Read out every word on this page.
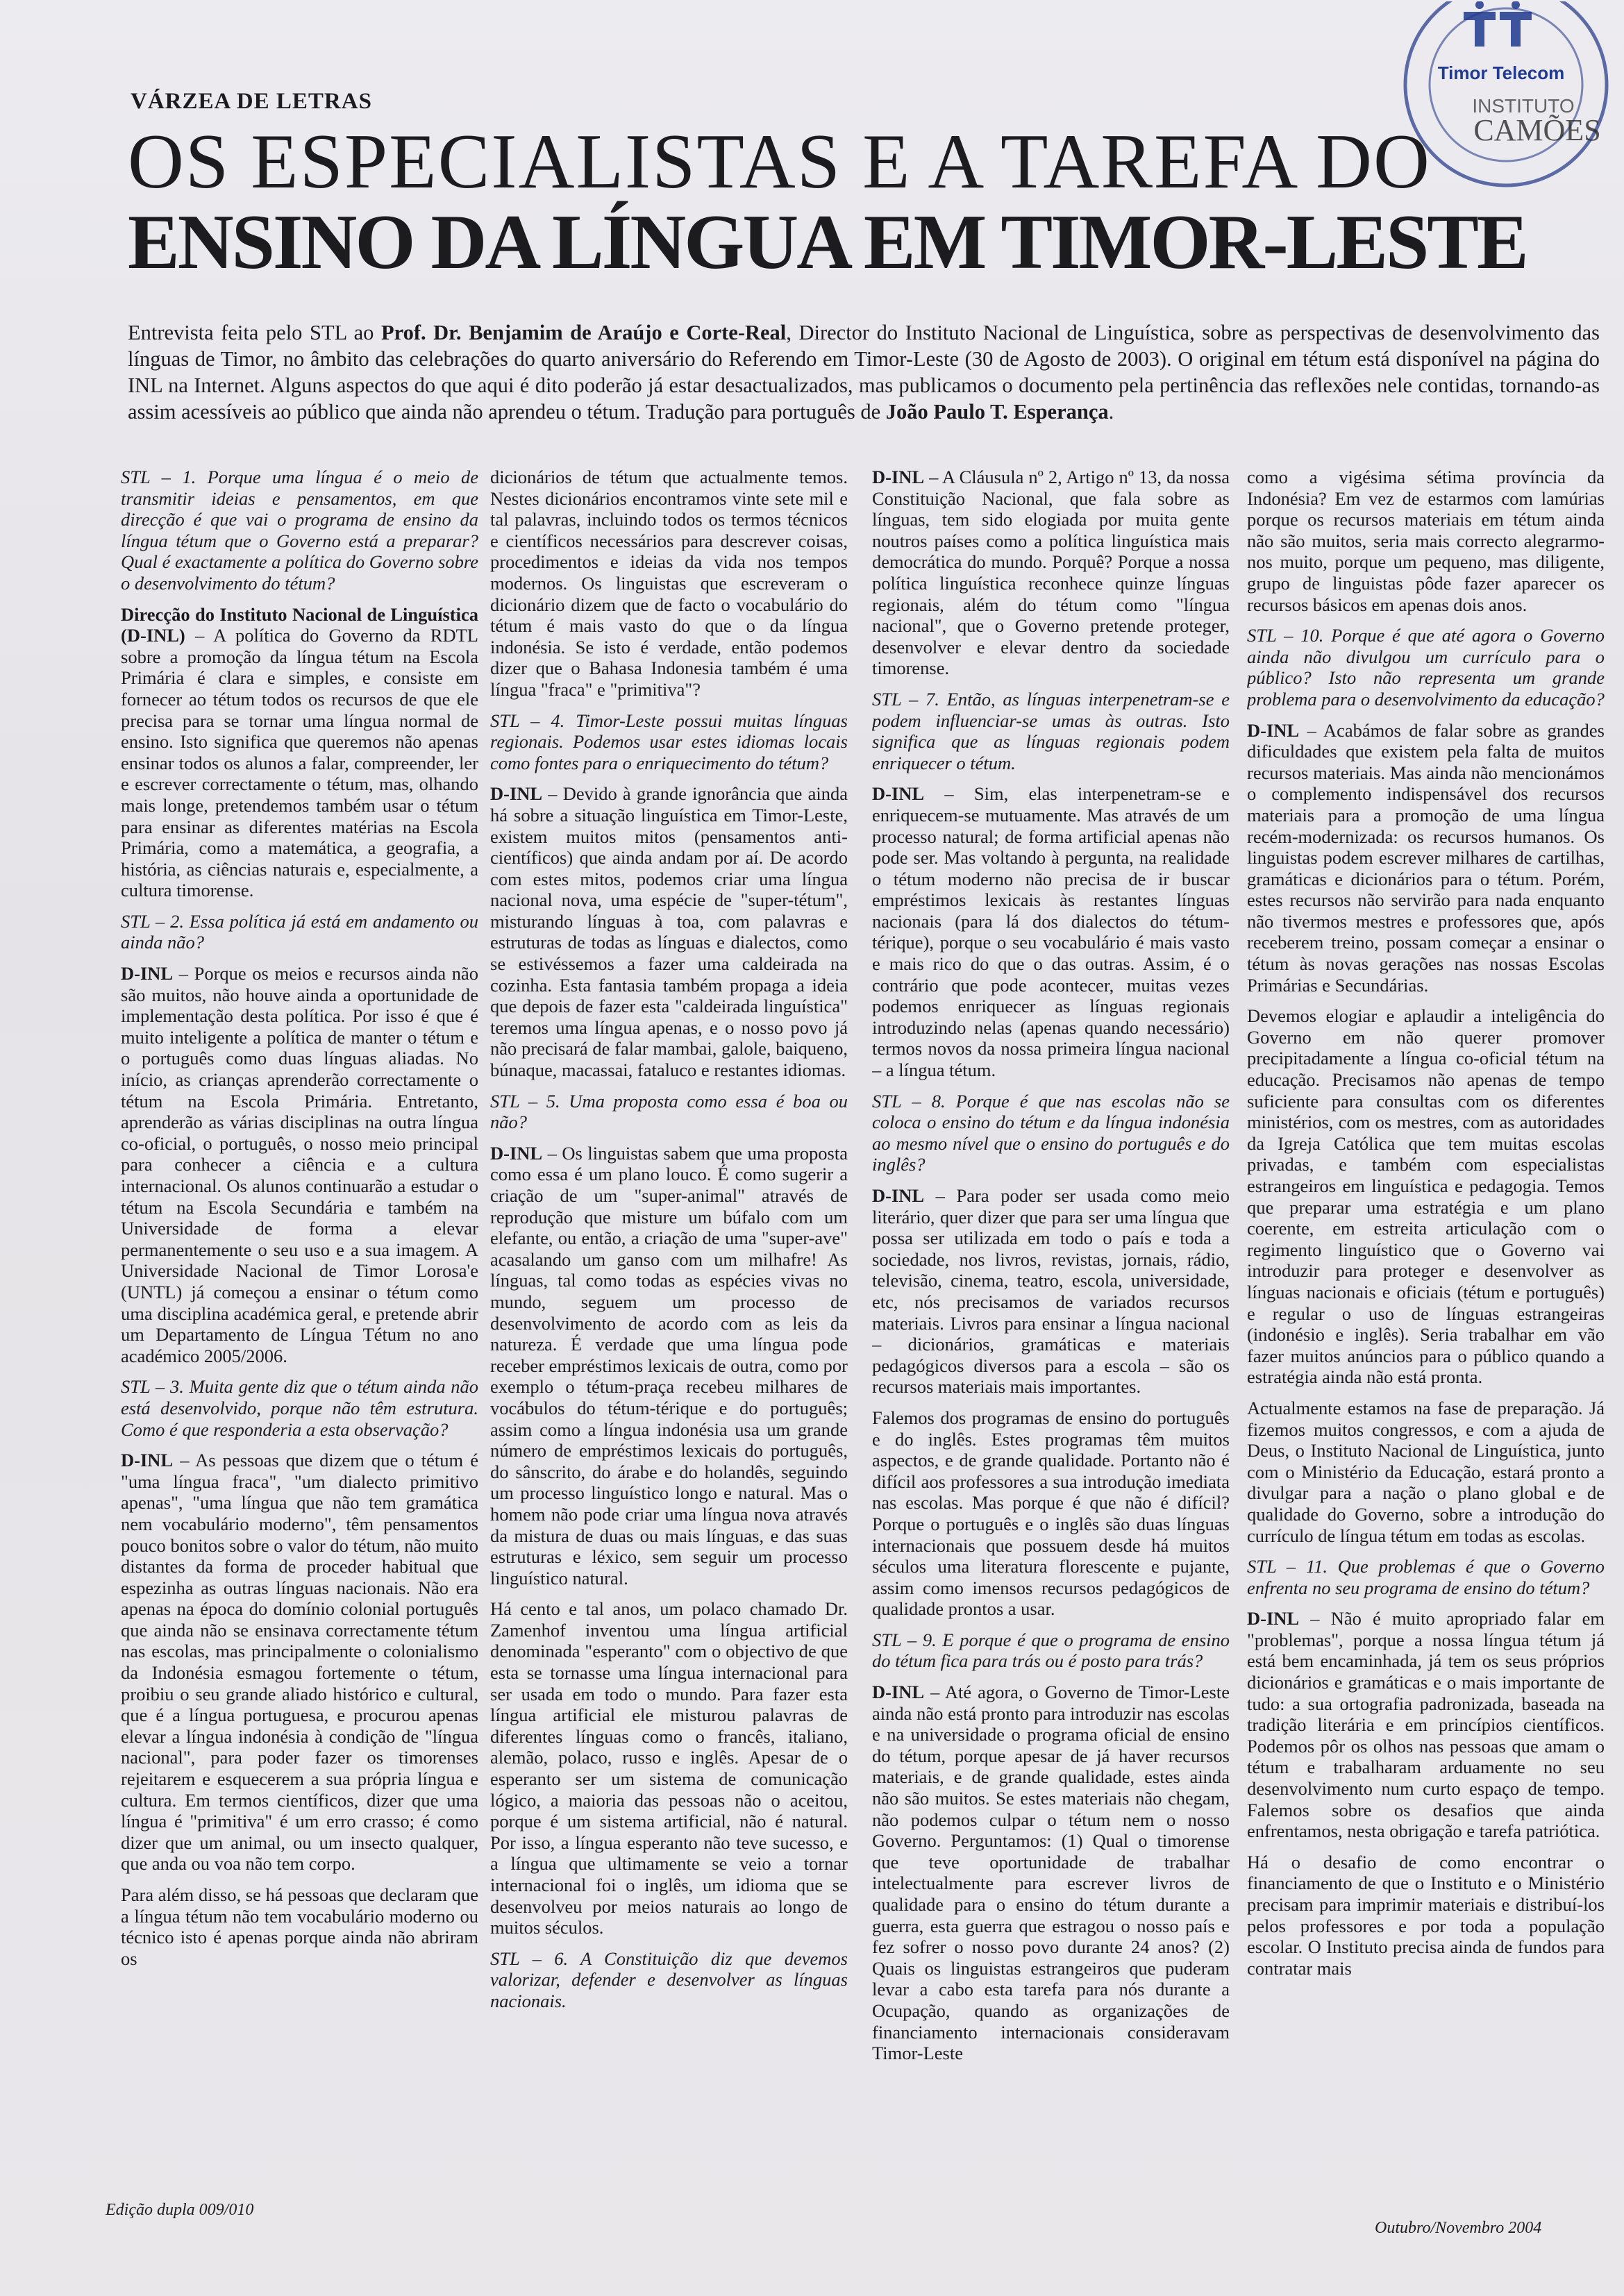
VÁRZEA DE LETRAS
OS ESPECIALISTAS E A TAREFA DO
ENSINO DA LÍNGUA EM TIMOR-LESTE
Entrevista feita pelo STL ao Prof. Dr. Benjamim de Araújo e Corte-Real, Director do Instituto Nacional de Linguística, sobre as perspectivas de desenvolvimento das línguas de Timor, no âmbito das celebrações do quarto aniversário do Referendo em Timor-Leste (30 de Agosto de 2003). O original em tétum está disponível na página do INL na Internet. Alguns aspectos do que aqui é dito poderão já estar desactualizados, mas publicamos o documento pela pertinência das reflexões nele contidas, tornando-as assim acessíveis ao público que ainda não aprendeu o tétum. Tradução para português de João Paulo T. Esperança.

STL – 1. Porque uma língua é o meio de transmitir ideias e pensamentos, em que direcção é que vai o programa de ensino da língua tétum que o Governo está a preparar? Qual é exactamente a política do Governo sobre o desenvolvimento do tétum?

Direcção do Instituto Nacional de Linguística (D-INL) – A política do Governo da RDTL sobre a promoção da língua tétum na Escola Primária é clara e simples, e consiste em fornecer ao tétum todos os recursos de que ele precisa para se tornar uma língua normal de ensino. Isto significa que queremos não apenas ensinar todos os alunos a falar, compreender, ler e escrever correctamente o tétum, mas, olhando mais longe, pretendemos também usar o tétum para ensinar as diferentes matérias na Escola Primária, como a matemática, a geografia, a história, as ciências naturais e, especialmente, a cultura timorense.

STL – 2. Essa política já está em andamento ou ainda não?

D-INL – Porque os meios e recursos ainda não são muitos, não houve ainda a oportunidade de implementação desta política. Por isso é que é muito inteligente a política de manter o tétum e o português como duas línguas aliadas. No início, as crianças aprenderão correctamente o tétum na Escola Primária. Entretanto, aprenderão as várias disciplinas na outra língua co-oficial, o português, o nosso meio principal para conhecer a ciência e a cultura internacional. Os alunos continuarão a estudar o tétum na Escola Secundária e também na Universidade de forma a elevar permanentemente o seu uso e a sua imagem. A Universidade Nacional de Timor Lorosa'e (UNTL) já começou a ensinar o tétum como uma disciplina académica geral, e pretende abrir um Departamento de Língua Tétum no ano académico 2005/2006.

STL – 3. Muita gente diz que o tétum ainda não está desenvolvido, porque não têm estrutura. Como é que responderia a esta observação?

D-INL – As pessoas que dizem que o tétum é "uma língua fraca", "um dialecto primitivo apenas", "uma língua que não tem gramática nem vocabulário moderno", têm pensamentos pouco bonitos sobre o valor do tétum, não muito distantes da forma de proceder habitual que espezinha as outras línguas nacionais. Não era apenas na época do domínio colonial português que ainda não se ensinava correctamente tétum nas escolas, mas principalmente o colonialismo da Indonésia esmagou fortemente o tétum, proibiu o seu grande aliado histórico e cultural, que é a língua portuguesa, e procurou apenas elevar a língua indonésia à condição de "língua nacional", para poder fazer os timorenses rejeitarem e esquecerem a sua própria língua e cultura. Em termos científicos, dizer que uma língua é "primitiva" é um erro crasso; é como dizer que um animal, ou um insecto qualquer, que anda ou voa não tem corpo.

Para além disso, se há pessoas que declaram que a língua tétum não tem vocabulário moderno ou técnico isto é apenas porque ainda não abriram os

dicionários de tétum que actualmente temos. Nestes dicionários encontramos vinte sete mil e tal palavras, incluindo todos os termos técnicos e científicos necessários para descrever coisas, procedimentos e ideias da vida nos tempos modernos. Os linguistas que escreveram o dicionário dizem que de facto o vocabulário do tétum é mais vasto do que o da língua indonésia. Se isto é verdade, então podemos dizer que o Bahasa Indonesia também é uma língua "fraca" e "primitiva"?

STL – 4. Timor-Leste possui muitas línguas regionais. Podemos usar estes idiomas locais como fontes para o enriquecimento do tétum?

D-INL – Devido à grande ignorância que ainda há sobre a situação linguística em Timor-Leste, existem muitos mitos (pensamentos anti-científicos) que ainda andam por aí. De acordo com estes mitos, podemos criar uma língua nacional nova, uma espécie de "super-tétum", misturando línguas à toa, com palavras e estruturas de todas as línguas e dialectos, como se estivéssemos a fazer uma caldeirada na cozinha. Esta fantasia também propaga a ideia que depois de fazer esta "caldeirada linguística" teremos uma língua apenas, e o nosso povo já não precisará de falar mambai, galole, baiqueno, búnaque, macassai, fataluco e restantes idiomas.

STL – 5. Uma proposta como essa é boa ou não?

D-INL – Os linguistas sabem que uma proposta como essa é um plano louco. É como sugerir a criação de um "super-animal" através de reprodução que misture um búfalo com um elefante, ou então, a criação de uma "super-ave" acasalando um ganso com um milhafre! As línguas, tal como todas as espécies vivas no mundo, seguem um processo de desenvolvimento de acordo com as leis da natureza. É verdade que uma língua pode receber empréstimos lexicais de outra, como por exemplo o tétum-praça recebeu milhares de vocábulos do tétum-térique e do português; assim como a língua indonésia usa um grande número de empréstimos lexicais do português, do sânscrito, do árabe e do holandês, seguindo um processo linguístico longo e natural. Mas o homem não pode criar uma língua nova através da mistura de duas ou mais línguas, e das suas estruturas e léxico, sem seguir um processo linguístico natural.

Há cento e tal anos, um polaco chamado Dr. Zamenhof inventou uma língua artificial denominada "esperanto" com o objectivo de que esta se tornasse uma língua internacional para ser usada em todo o mundo. Para fazer esta língua artificial ele misturou palavras de diferentes línguas como o francês, italiano, alemão, polaco, russo e inglês. Apesar de o esperanto ser um sistema de comunicação lógico, a maioria das pessoas não o aceitou, porque é um sistema artificial, não é natural. Por isso, a língua esperanto não teve sucesso, e a língua que ultimamente se veio a tornar internacional foi o inglês, um idioma que se desenvolveu por meios naturais ao longo de muitos séculos.

STL – 6. A Constituição diz que devemos valorizar, defender e desenvolver as línguas nacionais.

D-INL – A Cláusula nº 2, Artigo nº 13, da nossa Constituição Nacional, que fala sobre as línguas, tem sido elogiada por muita gente noutros países como a política linguística mais democrática do mundo. Porquê? Porque a nossa política linguística reconhece quinze línguas regionais, além do tétum como "língua nacional", que o Governo pretende proteger, desenvolver e elevar dentro da sociedade timorense.

STL – 7. Então, as línguas interpenetram-se e podem influenciar-se umas às outras. Isto significa que as línguas regionais podem enriquecer o tétum.

D-INL – Sim, elas interpenetram-se e enriquecem-se mutuamente. Mas através de um processo natural; de forma artificial apenas não pode ser. Mas voltando à pergunta, na realidade o tétum moderno não precisa de ir buscar empréstimos lexicais às restantes línguas nacionais (para lá dos dialectos do tétum-térique), porque o seu vocabulário é mais vasto e mais rico do que o das outras. Assim, é o contrário que pode acontecer, muitas vezes podemos enriquecer as línguas regionais introduzindo nelas (apenas quando necessário) termos novos da nossa primeira língua nacional – a língua tétum.

STL – 8. Porque é que nas escolas não se coloca o ensino do tétum e da língua indonésia ao mesmo nível que o ensino do português e do inglês?

D-INL – Para poder ser usada como meio literário, quer dizer que para ser uma língua que possa ser utilizada em todo o país e toda a sociedade, nos livros, revistas, jornais, rádio, televisão, cinema, teatro, escola, universidade, etc, nós precisamos de variados recursos materiais. Livros para ensinar a língua nacional – dicionários, gramáticas e materiais pedagógicos diversos para a escola – são os recursos materiais mais importantes.

Falemos dos programas de ensino do português e do inglês. Estes programas têm muitos aspectos, e de grande qualidade. Portanto não é difícil aos professores a sua introdução imediata nas escolas. Mas porque é que não é difícil? Porque o português e o inglês são duas línguas internacionais que possuem desde há muitos séculos uma literatura florescente e pujante, assim como imensos recursos pedagógicos de qualidade prontos a usar.

STL – 9. E porque é que o programa de ensino do tétum fica para trás ou é posto para trás?

D-INL – Até agora, o Governo de Timor-Leste ainda não está pronto para introduzir nas escolas e na universidade o programa oficial de ensino do tétum, porque apesar de já haver recursos materiais, e de grande qualidade, estes ainda não são muitos. Se estes materiais não chegam, não podemos culpar o tétum nem o nosso Governo. Perguntamos: (1) Qual o timorense que teve oportunidade de trabalhar intelectualmente para escrever livros de qualidade para o ensino do tétum durante a guerra, esta guerra que estragou o nosso país e fez sofrer o nosso povo durante 24 anos? (2) Quais os linguistas estrangeiros que puderam levar a cabo esta tarefa para nós durante a Ocupação, quando as organizações de financiamento internacionais consideravam Timor-Leste

como a vigésima sétima província da Indonésia? Em vez de estarmos com lamúrias porque os recursos materiais em tétum ainda não são muitos, seria mais correcto alegrarmo-nos muito, porque um pequeno, mas diligente, grupo de linguistas pôde fazer aparecer os recursos básicos em apenas dois anos.

STL – 10. Porque é que até agora o Governo ainda não divulgou um currículo para o público? Isto não representa um grande problema para o desenvolvimento da educação?

D-INL – Acabámos de falar sobre as grandes dificuldades que existem pela falta de muitos recursos materiais. Mas ainda não mencionámos o complemento indispensável dos recursos materiais para a promoção de uma língua recém-modernizada: os recursos humanos. Os linguistas podem escrever milhares de cartilhas, gramáticas e dicionários para o tétum. Porém, estes recursos não servirão para nada enquanto não tivermos mestres e professores que, após receberem treino, possam começar a ensinar o tétum às novas gerações nas nossas Escolas Primárias e Secundárias.

Devemos elogiar e aplaudir a inteligência do Governo em não querer promover precipitadamente a língua co-oficial tétum na educação. Precisamos não apenas de tempo suficiente para consultas com os diferentes ministérios, com os mestres, com as autoridades da Igreja Católica que tem muitas escolas privadas, e também com especialistas estrangeiros em linguística e pedagogia. Temos que preparar uma estratégia e um plano coerente, em estreita articulação com o regimento linguístico que o Governo vai introduzir para proteger e desenvolver as línguas nacionais e oficiais (tétum e português) e regular o uso de línguas estrangeiras (indonésio e inglês). Seria trabalhar em vão fazer muitos anúncios para o público quando a estratégia ainda não está pronta.

Actualmente estamos na fase de preparação. Já fizemos muitos congressos, e com a ajuda de Deus, o Instituto Nacional de Linguística, junto com o Ministério da Educação, estará pronto a divulgar para a nação o plano global e de qualidade do Governo, sobre a introdução do currículo de língua tétum em todas as escolas.

STL – 11. Que problemas é que o Governo enfrenta no seu programa de ensino do tétum?

D-INL – Não é muito apropriado falar em "problemas", porque a nossa língua tétum já está bem encaminhada, já tem os seus próprios dicionários e gramáticas e o mais importante de tudo: a sua ortografia padronizada, baseada na tradição literária e em princípios científicos. Podemos pôr os olhos nas pessoas que amam o tétum e trabalharam arduamente no seu desenvolvimento num curto espaço de tempo. Falemos sobre os desafios que ainda enfrentamos, nesta obrigação e tarefa patriótica.

Há o desafio de como encontrar o financiamento de que o Instituto e o Ministério precisam para imprimir materiais e distribuí-los pelos professores e por toda a população escolar. O Instituto precisa ainda de fundos para contratar mais

Edição dupla 009/010
Outubro/Novembro 2004
Timor Telecom
INSTITUTO
CAMÕES
